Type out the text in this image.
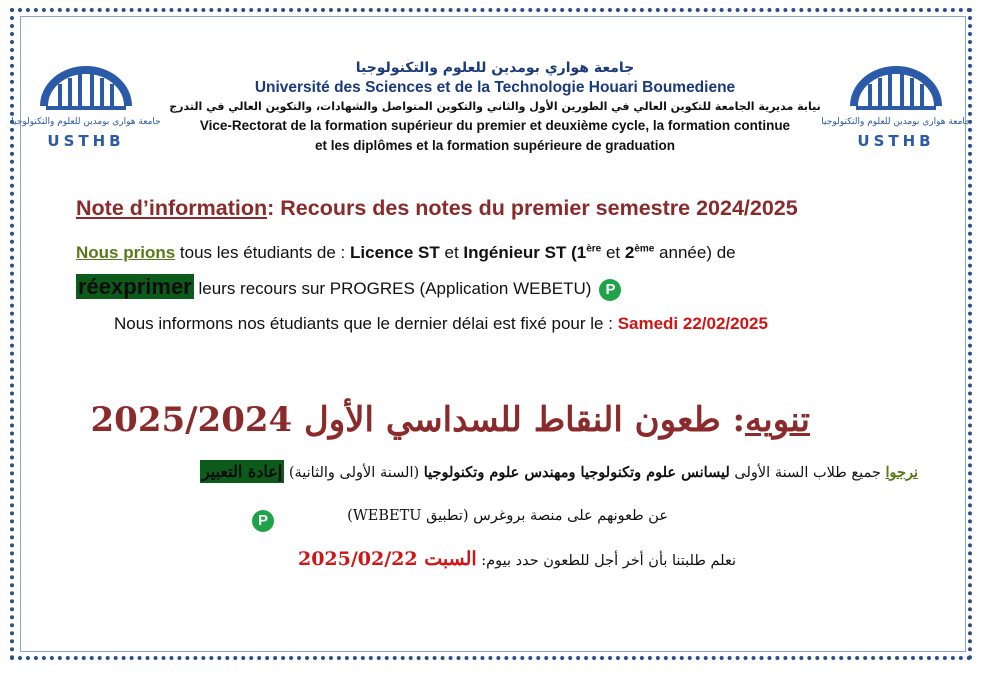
جامعة هواري بومدين للعلوم والتكنولوجيا
USTHB
جامعة هواري بومدين للعلوم والتكنولوجيا
USTHB
جامعة هواري بومدين للعلوم والتكنولوجيا
Université des Sciences et de la Technologie Houari Boumediene
نيابة مديرية الجامعة للتكوين العالي في الطورين الأول والثاني والتكوين المتواصل والشهادات، والتكوين العالي في التدرج
Vice-Rectorat de la formation supérieur du premier et deuxième cycle, la formation continue
et les diplômes et la formation supérieure de graduation
Note d’information: Recours des notes du premier semestre 2024/2025
Nous prions tous les étudiants de : Licence ST et Ingénieur ST (1ère et 2ème année) de
réexprimer leurs recours sur PROGRES (Application WEBETU) P
Nous informons nos étudiants que le dernier délai est fixé pour le : Samedi 22/02/2025
تنويه: طعون النقاط للسداسي الأول 2025/2024
نرجوا جميع طلاب السنة الأولى ليسانس علوم وتكنولوجيا ومهندس علوم وتكنولوجيا (السنة الأولى والثانية) إعادة التعبير
عن طعونهم على منصة بروغرس (تطبيق WEBETU)
P
نعلم طلبتنا بأن أخر أجل للطعون حدد بيوم: السبت 2025/02/22
